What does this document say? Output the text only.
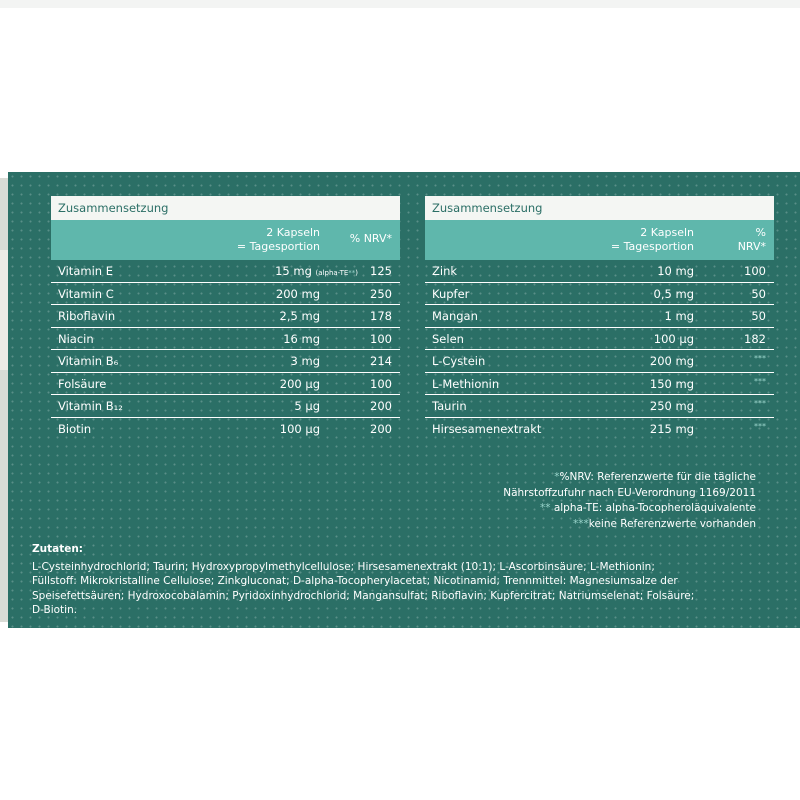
Zusammensetzung
2 Kapseln
= Tagesportion
% NRV*
Vitamin E	15 mg (alpha-TE**) 125
Vitamin C	200 mg	250
Riboflavin	2,5 mg	178
Niacin	16 mg	100
Vitamin B₆	3 mg	214
Folsäure	200 µg	100
Vitamin B₁₂	5 µg	200
Biotin	100 µg	200
Zusammensetzung
2 Kapseln
= Tagesportion
%
NRV*
Zink	10 mg	100
Kupfer	0,5 mg	50
Mangan	1 mg	50
Selen	100 µg	182
L-Cystein	200 mg	***
L-Methionin	150 mg	***
Taurin	250 mg	***
Hirsesamenextrakt	215 mg	***
*%NRV: Referenzwerte für die tägliche
Nährstoffzufuhr nach EU-Verordnung 1169/2011
** alpha-TE: alpha-Tocopheroläquivalente
***keine Referenzwerte vorhanden
Zutaten:
L-Cysteinhydrochlorid; Taurin; Hydroxypropylmethylcellulose; Hirsesamenextrakt (10:1); L-Ascorbinsäure; L-Methionin;
Füllstoff: Mikrokristalline Cellulose; Zinkgluconat; D-alpha-Tocopherylacetat; Nicotinamid; Trennmittel: Magnesiumsalze der
Speisefettsäuren; Hydroxocobalamin; Pyridoxinhydrochlorid; Mangansulfat; Riboflavin; Kupfercitrat; Natriumselenat; Folsäure;
D-Biotin.
